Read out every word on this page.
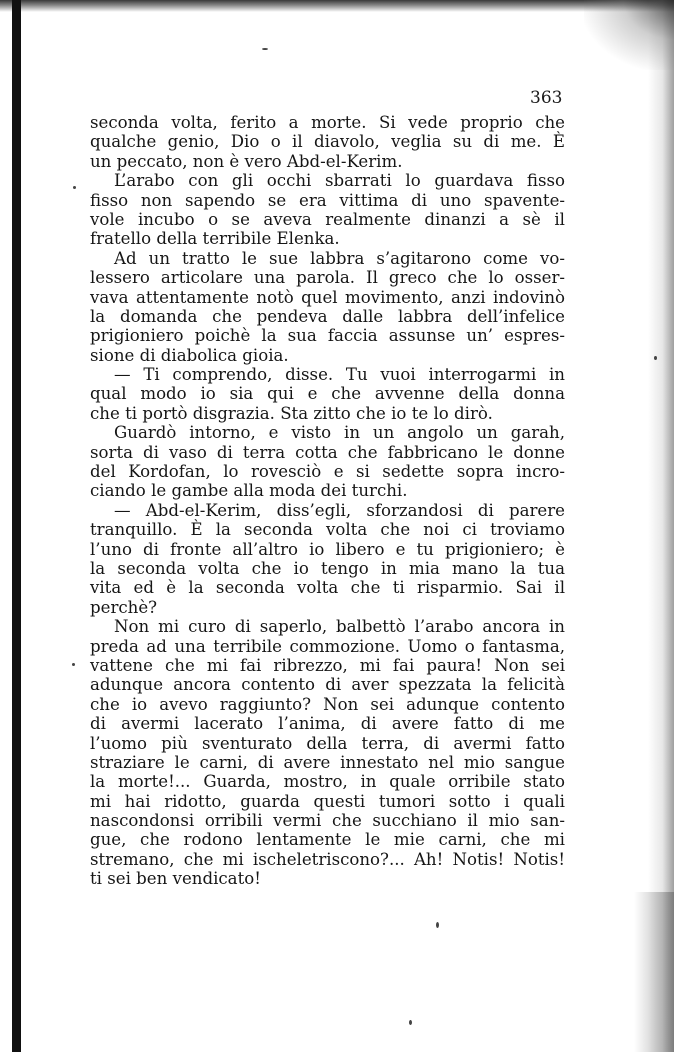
363

seconda volta, ferito a morte. Si vede proprio che
qualche genio, Dio o il diavolo, veglia su di me. È
un peccato, non è vero Abd-el-Kerim.
L’arabo con gli occhi sbarrati lo guardava fisso
fisso non sapendo se era vittima di uno spavente-
vole incubo o se aveva realmente dinanzi a sè il
fratello della terribile Elenka.
Ad un tratto le sue labbra s’agitarono come vo-
lessero articolare una parola. Il greco che lo osser-
vava attentamente notò quel movimento, anzi indovinò
la domanda che pendeva dalle labbra dell’infelice
prigioniero poichè la sua faccia assunse un’ espres-
sione di diabolica gioia.
— Ti comprendo, disse. Tu vuoi interrogarmi in
qual modo io sia qui e che avvenne della donna
che ti portò disgrazia. Sta zitto che io te lo dirò.
Guardò intorno, e visto in un angolo un garah,
sorta di vaso di terra cotta che fabbricano le donne
del Kordofan, lo rovesciò e si sedette sopra incro-
ciando le gambe alla moda dei turchi.
— Abd-el-Kerim, diss’egli, sforzandosi di parere
tranquillo. È la seconda volta che noi ci troviamo
l’uno di fronte all’altro io libero e tu prigioniero; è
la seconda volta che io tengo in mia mano la tua
vita ed è la seconda volta che ti risparmio. Sai il
perchè?
Non mi curo di saperlo, balbettò l’arabo ancora in
preda ad una terribile commozione. Uomo o fantasma,
vattene che mi fai ribrezzo, mi fai paura! Non sei
adunque ancora contento di aver spezzata la felicità
che io avevo raggiunto? Non sei adunque contento
di avermi lacerato l’anima, di avere fatto di me
l’uomo più sventurato della terra, di avermi fatto
straziare le carni, di avere innestato nel mio sangue
la morte!... Guarda, mostro, in quale orribile stato
mi hai ridotto, guarda questi tumori sotto i quali
nascondonsi orribili vermi che succhiano il mio san-
gue, che rodono lentamente le mie carni, che mi
stremano, che mi ischeletriscono?... Ah! Notis! Notis!
ti sei ben vendicato!
